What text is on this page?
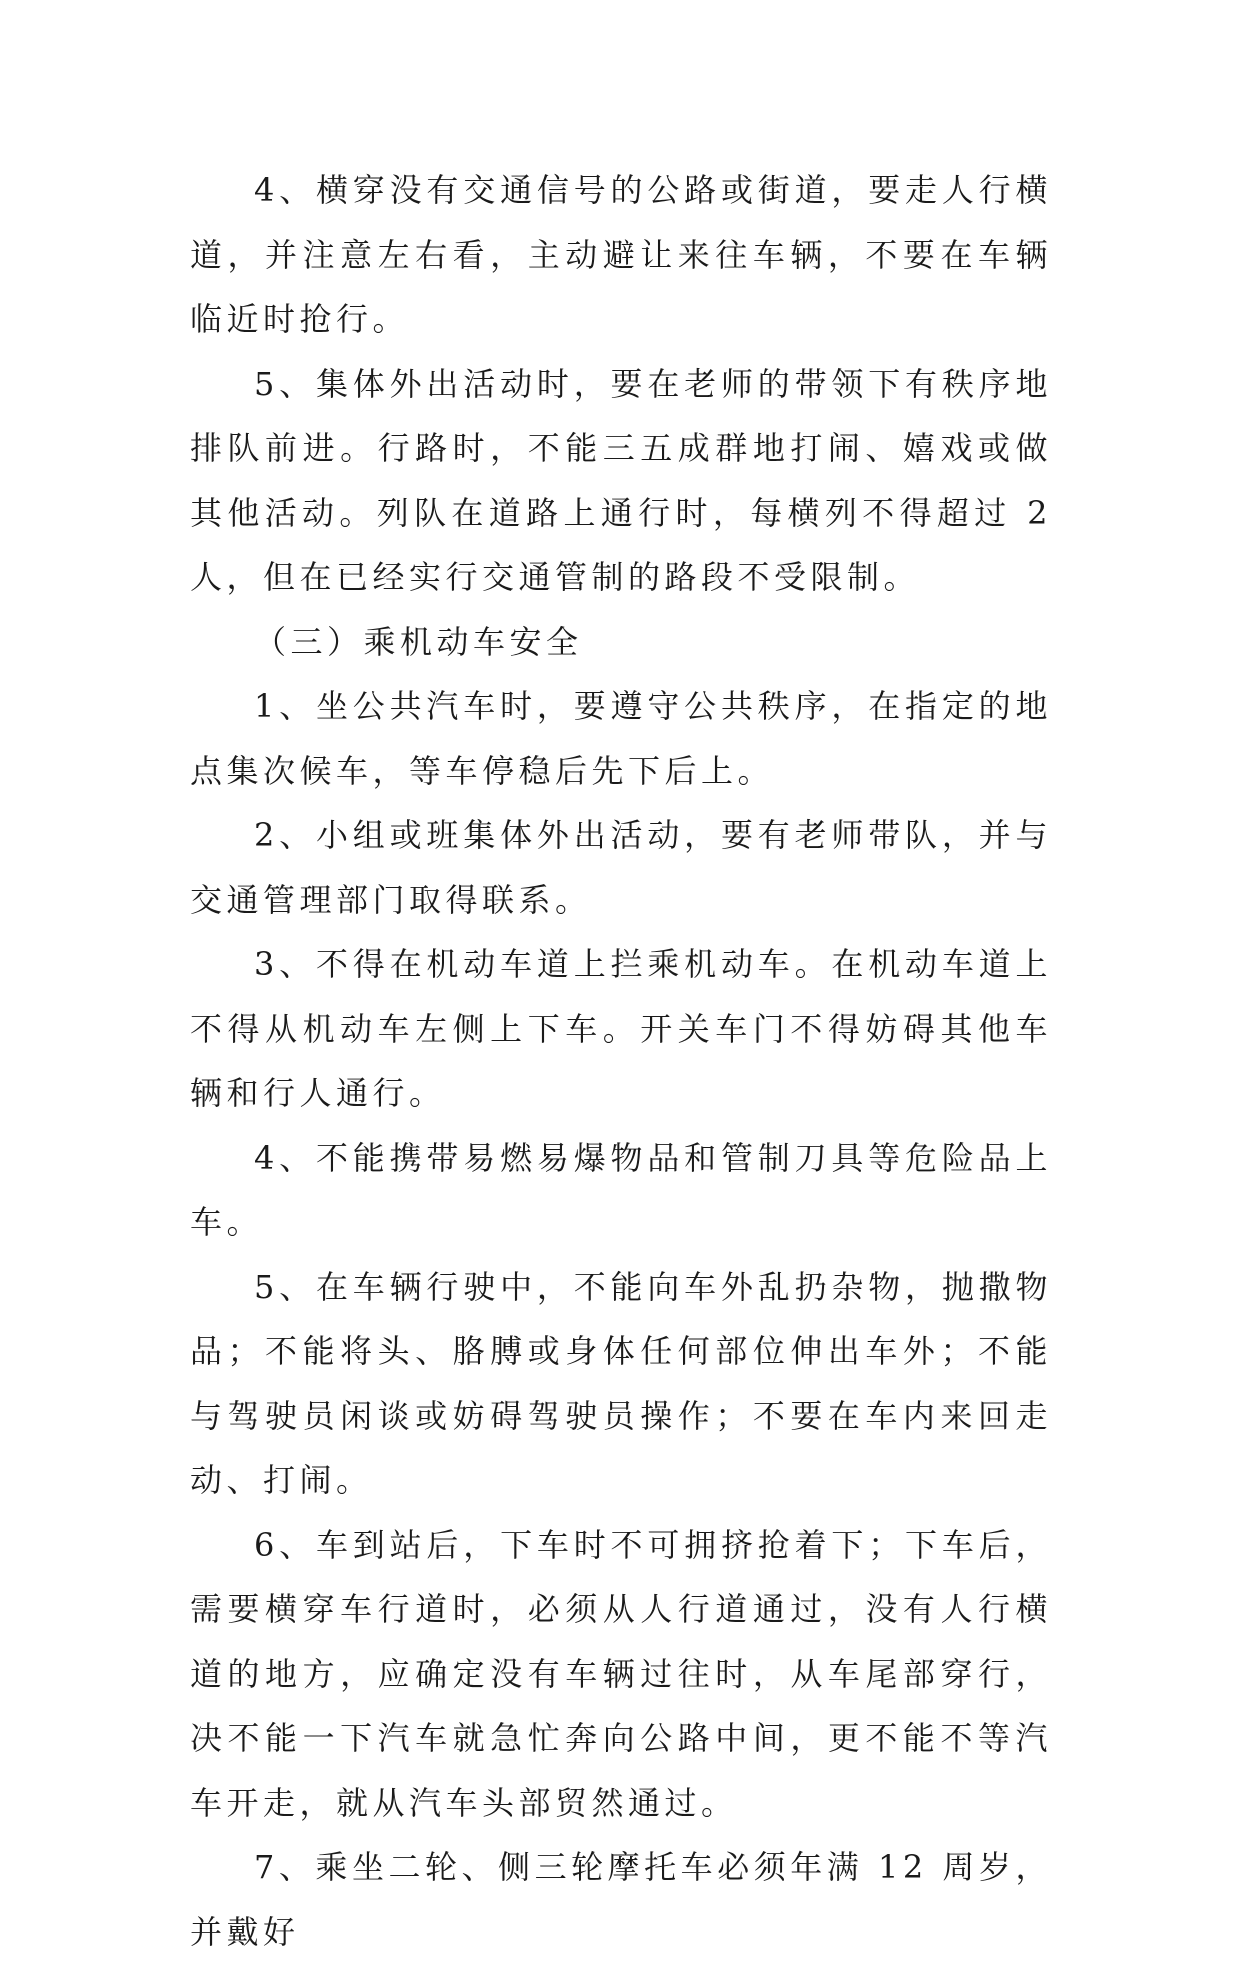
4、横穿没有交通信号的公路或街道，要走人行横道，并注意左右看，主动避让来往车辆，不要在车辆临近时抢行。

5、集体外出活动时，要在老师的带领下有秩序地排队前进。行路时，不能三五成群地打闹、嬉戏或做其他活动。列队在道路上通行时，每横列不得超过 2 人，但在已经实行交通管制的路段不受限制。

（三）乘机动车安全

1、坐公共汽车时，要遵守公共秩序，在指定的地点集次候车，等车停稳后先下后上。

2、小组或班集体外出活动，要有老师带队，并与交通管理部门取得联系。

3、不得在机动车道上拦乘机动车。在机动车道上不得从机动车左侧上下车。开关车门不得妨碍其他车辆和行人通行。

4、不能携带易燃易爆物品和管制刀具等危险品上车。

5、在车辆行驶中，不能向车外乱扔杂物，抛撒物品；不能将头、胳膊或身体任何部位伸出车外；不能与驾驶员闲谈或妨碍驾驶员操作；不要在车内来回走动、打闹。

6、车到站后，下车时不可拥挤抢着下；下车后，需要横穿车行道时，必须从人行道通过，没有人行横道的地方，应确定没有车辆过往时，从车尾部穿行，决不能一下汽车就急忙奔向公路中间，更不能不等汽车开走，就从汽车头部贸然通过。

7、乘坐二轮、侧三轮摩托车必须年满 12 周岁，并戴好
